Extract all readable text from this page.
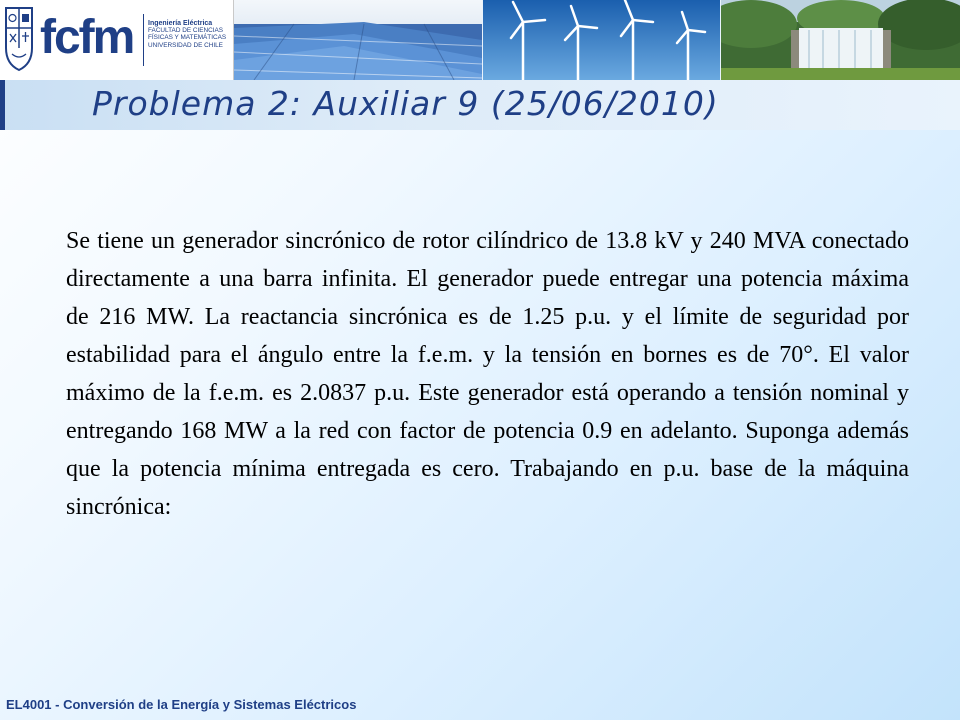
fcfm Ingeniería Eléctrica
FACULTAD DE CIENCIAS
FÍSICAS Y MATEMÁTICAS
UNIVERSIDAD DE CHILE
Problema 2: Auxiliar 9 (25/06/2010)

Se tiene un generador sincrónico de rotor cilíndrico de 13.8 kV y 240 MVA conectado directamente a una barra infinita. El generador puede entregar una potencia máxima de 216 MW. La reactancia sincrónica es de 1.25 p.u. y el límite de seguridad por estabilidad para el ángulo entre la f.e.m. y la tensión en bornes es de 70°. El valor máximo de la f.e.m. es 2.0837 p.u. Este generador está operando a tensión nominal y entregando 168 MW a la red con factor de potencia 0.9 en adelanto. Suponga además que la potencia mínima entregada es cero. Trabajando en p.u. base de la máquina sincrónica:

EL4001 - Conversión de la Energía y Sistemas Eléctricos
